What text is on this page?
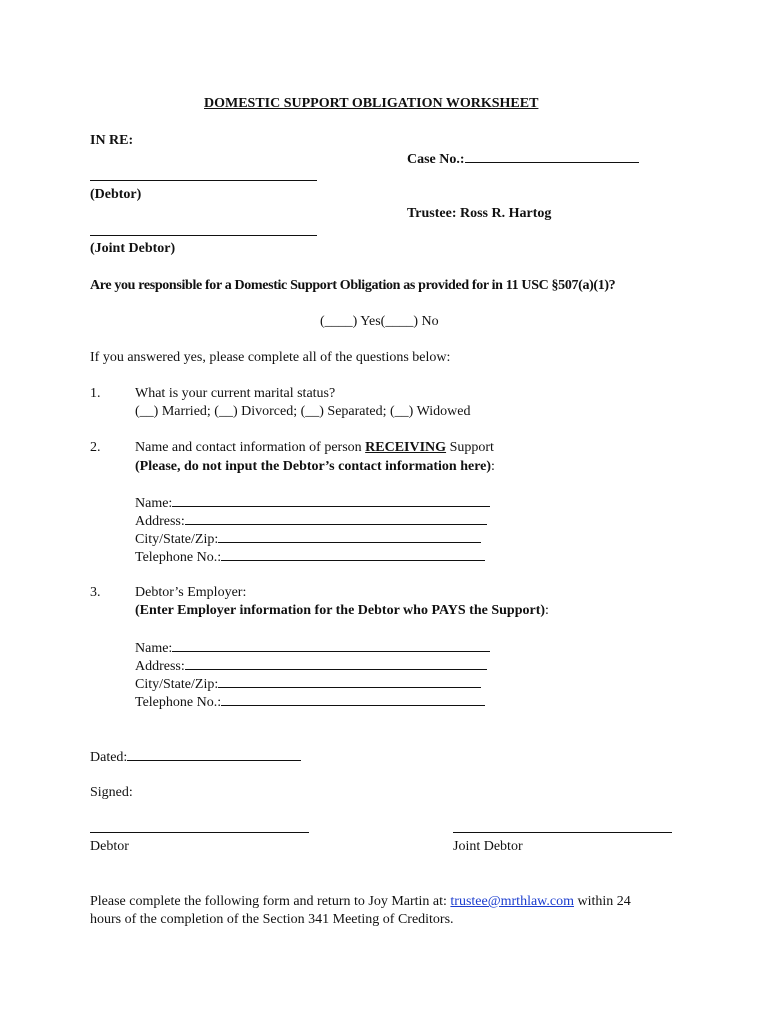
DOMESTIC SUPPORT OBLIGATION WORKSHEET
IN RE:
Case No.:
(Debtor)
Trustee: Ross R. Hartog
(Joint Debtor)
Are you responsible for a Domestic Support Obligation as provided for in 11 USC §507(a)(1)?
(____) Yes(____) No
If you answered yes, please complete all of the questions below:
1. What is your current marital status?
(__) Married; (__) Divorced; (__) Separated; (__) Widowed
2. Name and contact information of person RECEIVING Support
(Please, do not input the Debtor’s contact information here):
Name:
Address:
City/State/Zip:
Telephone No.:
3. Debtor’s Employer:
(Enter Employer information for the Debtor who PAYS the Support):
Name:
Address:
City/State/Zip:
Telephone No.:
Dated:
Signed:
Debtor	Joint Debtor
Please complete the following form and return to Joy Martin at: trustee@mrthlaw.com within 24
hours of the completion of the Section 341 Meeting of Creditors.
